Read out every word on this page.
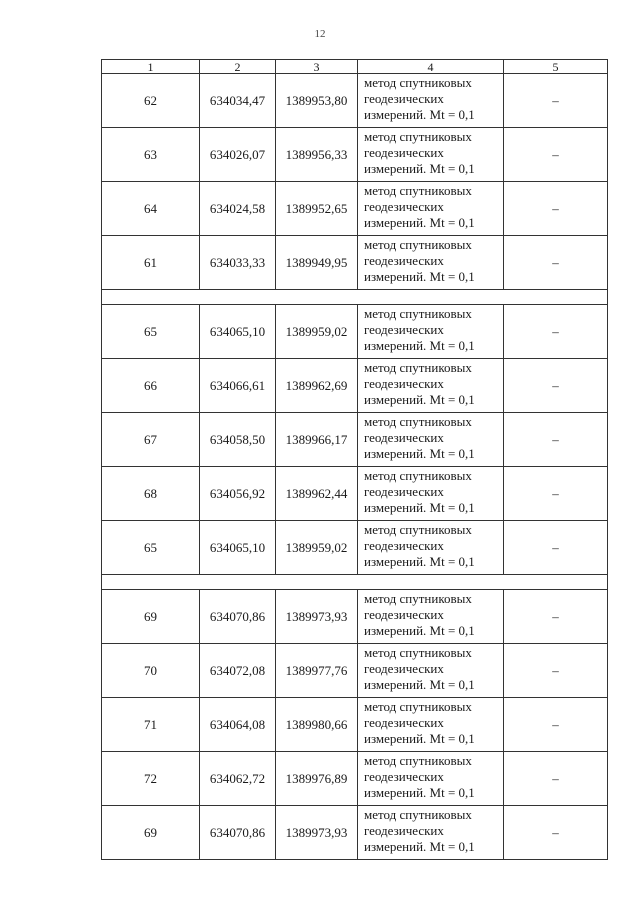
12
1	2	3	4	5
62	634034,47	1389953,80	метод спутниковых
геодезических
измерений. Mt = 0,1	–
63	634026,07	1389956,33	метод спутниковых
геодезических
измерений. Mt = 0,1	–
64	634024,58	1389952,65	метод спутниковых
геодезических
измерений. Mt = 0,1	–
61	634033,33	1389949,95	метод спутниковых
геодезических
измерений. Mt = 0,1	–

65	634065,10	1389959,02	метод спутниковых
геодезических
измерений. Mt = 0,1	–
66	634066,61	1389962,69	метод спутниковых
геодезических
измерений. Mt = 0,1	–
67	634058,50	1389966,17	метод спутниковых
геодезических
измерений. Mt = 0,1	–
68	634056,92	1389962,44	метод спутниковых
геодезических
измерений. Mt = 0,1	–
65	634065,10	1389959,02	метод спутниковых
геодезических
измерений. Mt = 0,1	–

69	634070,86	1389973,93	метод спутниковых
геодезических
измерений. Mt = 0,1	–
70	634072,08	1389977,76	метод спутниковых
геодезических
измерений. Mt = 0,1	–
71	634064,08	1389980,66	метод спутниковых
геодезических
измерений. Mt = 0,1	–
72	634062,72	1389976,89	метод спутниковых
геодезических
измерений. Mt = 0,1	–
69	634070,86	1389973,93	метод спутниковых
геодезических
измерений. Mt = 0,1	–
